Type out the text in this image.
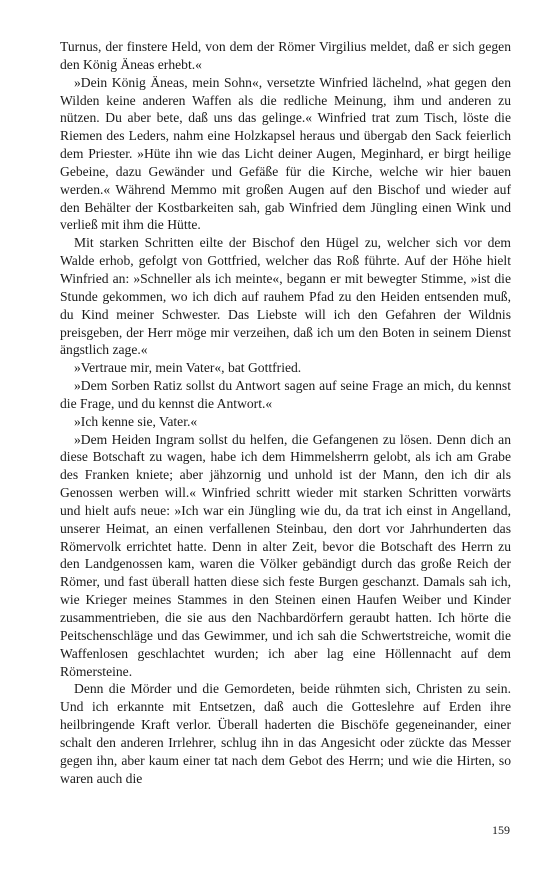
Turnus, der finstere Held, von dem der Römer Virgilius meldet, daß er sich gegen den König Äneas erhebt.«

»Dein König Äneas, mein Sohn«, versetzte Winfried lächelnd, »hat gegen den Wilden keine anderen Waffen als die redliche Meinung, ihm und anderen zu nützen. Du aber bete, daß uns das gelinge.« Winfried trat zum Tisch, löste die Riemen des Leders, nahm eine Holzkapsel heraus und übergab den Sack feierlich dem Priester. »Hüte ihn wie das Licht deiner Augen, Meginhard, er birgt heilige Gebeine, dazu Gewänder und Gefäße für die Kirche, welche wir hier bauen werden.« Während Memmo mit großen Augen auf den Bischof und wieder auf den Behälter der Kostbarkeiten sah, gab Winfried dem Jüngling einen Wink und verließ mit ihm die Hütte.

Mit starken Schritten eilte der Bischof den Hügel zu, welcher sich vor dem Walde erhob, gefolgt von Gottfried, welcher das Roß führte. Auf der Höhe hielt Winfried an: »Schneller als ich meinte«, begann er mit bewegter Stimme, »ist die Stunde gekommen, wo ich dich auf rauhem Pfad zu den Heiden entsenden muß, du Kind meiner Schwester. Das Liebste will ich den Gefahren der Wildnis preisgeben, der Herr möge mir verzeihen, daß ich um den Boten in seinem Dienst ängstlich zage.«

»Vertraue mir, mein Vater«, bat Gottfried.

»Dem Sorben Ratiz sollst du Antwort sagen auf seine Frage an mich, du kennst die Frage, und du kennst die Antwort.«

»Ich kenne sie, Vater.«

»Dem Heiden Ingram sollst du helfen, die Gefangenen zu lösen. Denn dich an diese Botschaft zu wagen, habe ich dem Himmelsherrn gelobt, als ich am Grabe des Franken kniete; aber jähzornig und unhold ist der Mann, den ich dir als Genossen werben will.« Winfried schritt wieder mit starken Schritten vorwärts und hielt aufs neue: »Ich war ein Jüngling wie du, da trat ich einst in Angelland, unserer Heimat, an einen verfallenen Steinbau, den dort vor Jahrhunderten das Römervolk errichtet hatte. Denn in alter Zeit, bevor die Botschaft des Herrn zu den Landgenossen kam, waren die Völker gebändigt durch das große Reich der Römer, und fast überall hatten diese sich feste Burgen geschanzt. Damals sah ich, wie Krieger meines Stammes in den Steinen einen Haufen Weiber und Kinder zusammentrieben, die sie aus den Nachbardörfern geraubt hatten. Ich hörte die Peitschenschläge und das Gewimmer, und ich sah die Schwertstreiche, womit die Waffenlosen geschlachtet wurden; ich aber lag eine Höllennacht auf dem Römersteine.

Denn die Mörder und die Gemordeten, beide rühmten sich, Christen zu sein. Und ich erkannte mit Entsetzen, daß auch die Gotteslehre auf Erden ihre heilbringende Kraft verlor. Überall haderten die Bischöfe gegeneinander, einer schalt den anderen Irrlehrer, schlug ihn in das Angesicht oder zückte das Messer gegen ihn, aber kaum einer tat nach dem Gebot des Herrn; und wie die Hirten, so waren auch die

159
